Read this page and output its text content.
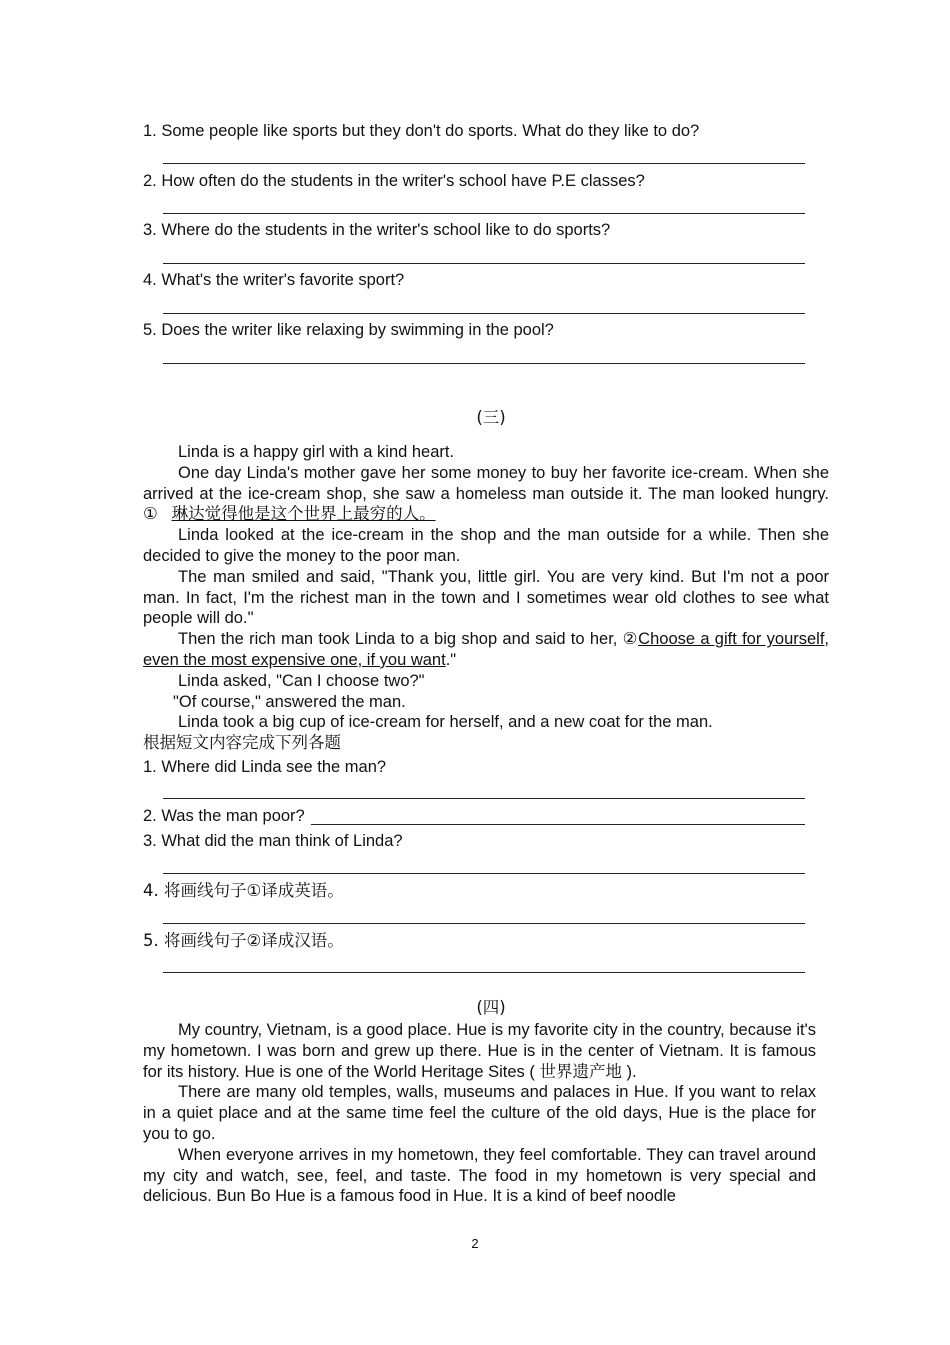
1. Some people like sports but they don't do sports. What do they like to do?
2. How often do the students in the writer's school have P.E classes?
3. Where do the students in the writer's school like to do sports?
4. What's the writer's favorite sport?
5. Does the writer like relaxing by swimming in the pool?
(三)
Linda is a happy girl with a kind heart.
One day Linda's mother gave her some money to buy her favorite ice-cream. When she arrived at the ice-cream shop, she saw a homeless man outside it. The man looked hungry. ① 琳达觉得他是这个世界上最穷的人。
Linda looked at the ice-cream in the shop and the man outside for a while. Then she decided to give the money to the poor man.
The man smiled and said, "Thank you, little girl. You are very kind. But I'm not a poor man. In fact, I'm the richest man in the town and I sometimes wear old clothes to see what people will do."
Then the rich man took Linda to a big shop and said to her, ②Choose a gift for yourself, even the most expensive one, if you want."
Linda asked, "Can I choose two?"
"Of course," answered the man.
Linda took a big cup of ice-cream for herself, and a new coat for the man.
根据短文内容完成下列各题
1. Where did Linda see the man?
2. Was the man poor?
3. What did the man think of Linda?
4. 将画线句子①译成英语。
5. 将画线句子②译成汉语。
(四)
My country, Vietnam, is a good place. Hue is my favorite city in the country, because it's my hometown. I was born and grew up there. Hue is in the center of Vietnam. It is famous for its history. Hue is one of the World Heritage Sites ( 世界遗产地 ).
There are many old temples, walls, museums and palaces in Hue. If you want to relax in a quiet place and at the same time feel the culture of the old days, Hue is the place for you to go.
When everyone arrives in my hometown, they feel comfortable. They can travel around my city and watch, see, feel, and taste. The food in my hometown is very special and delicious. Bun Bo Hue is a famous food in Hue. It is a kind of beef noodle
2
